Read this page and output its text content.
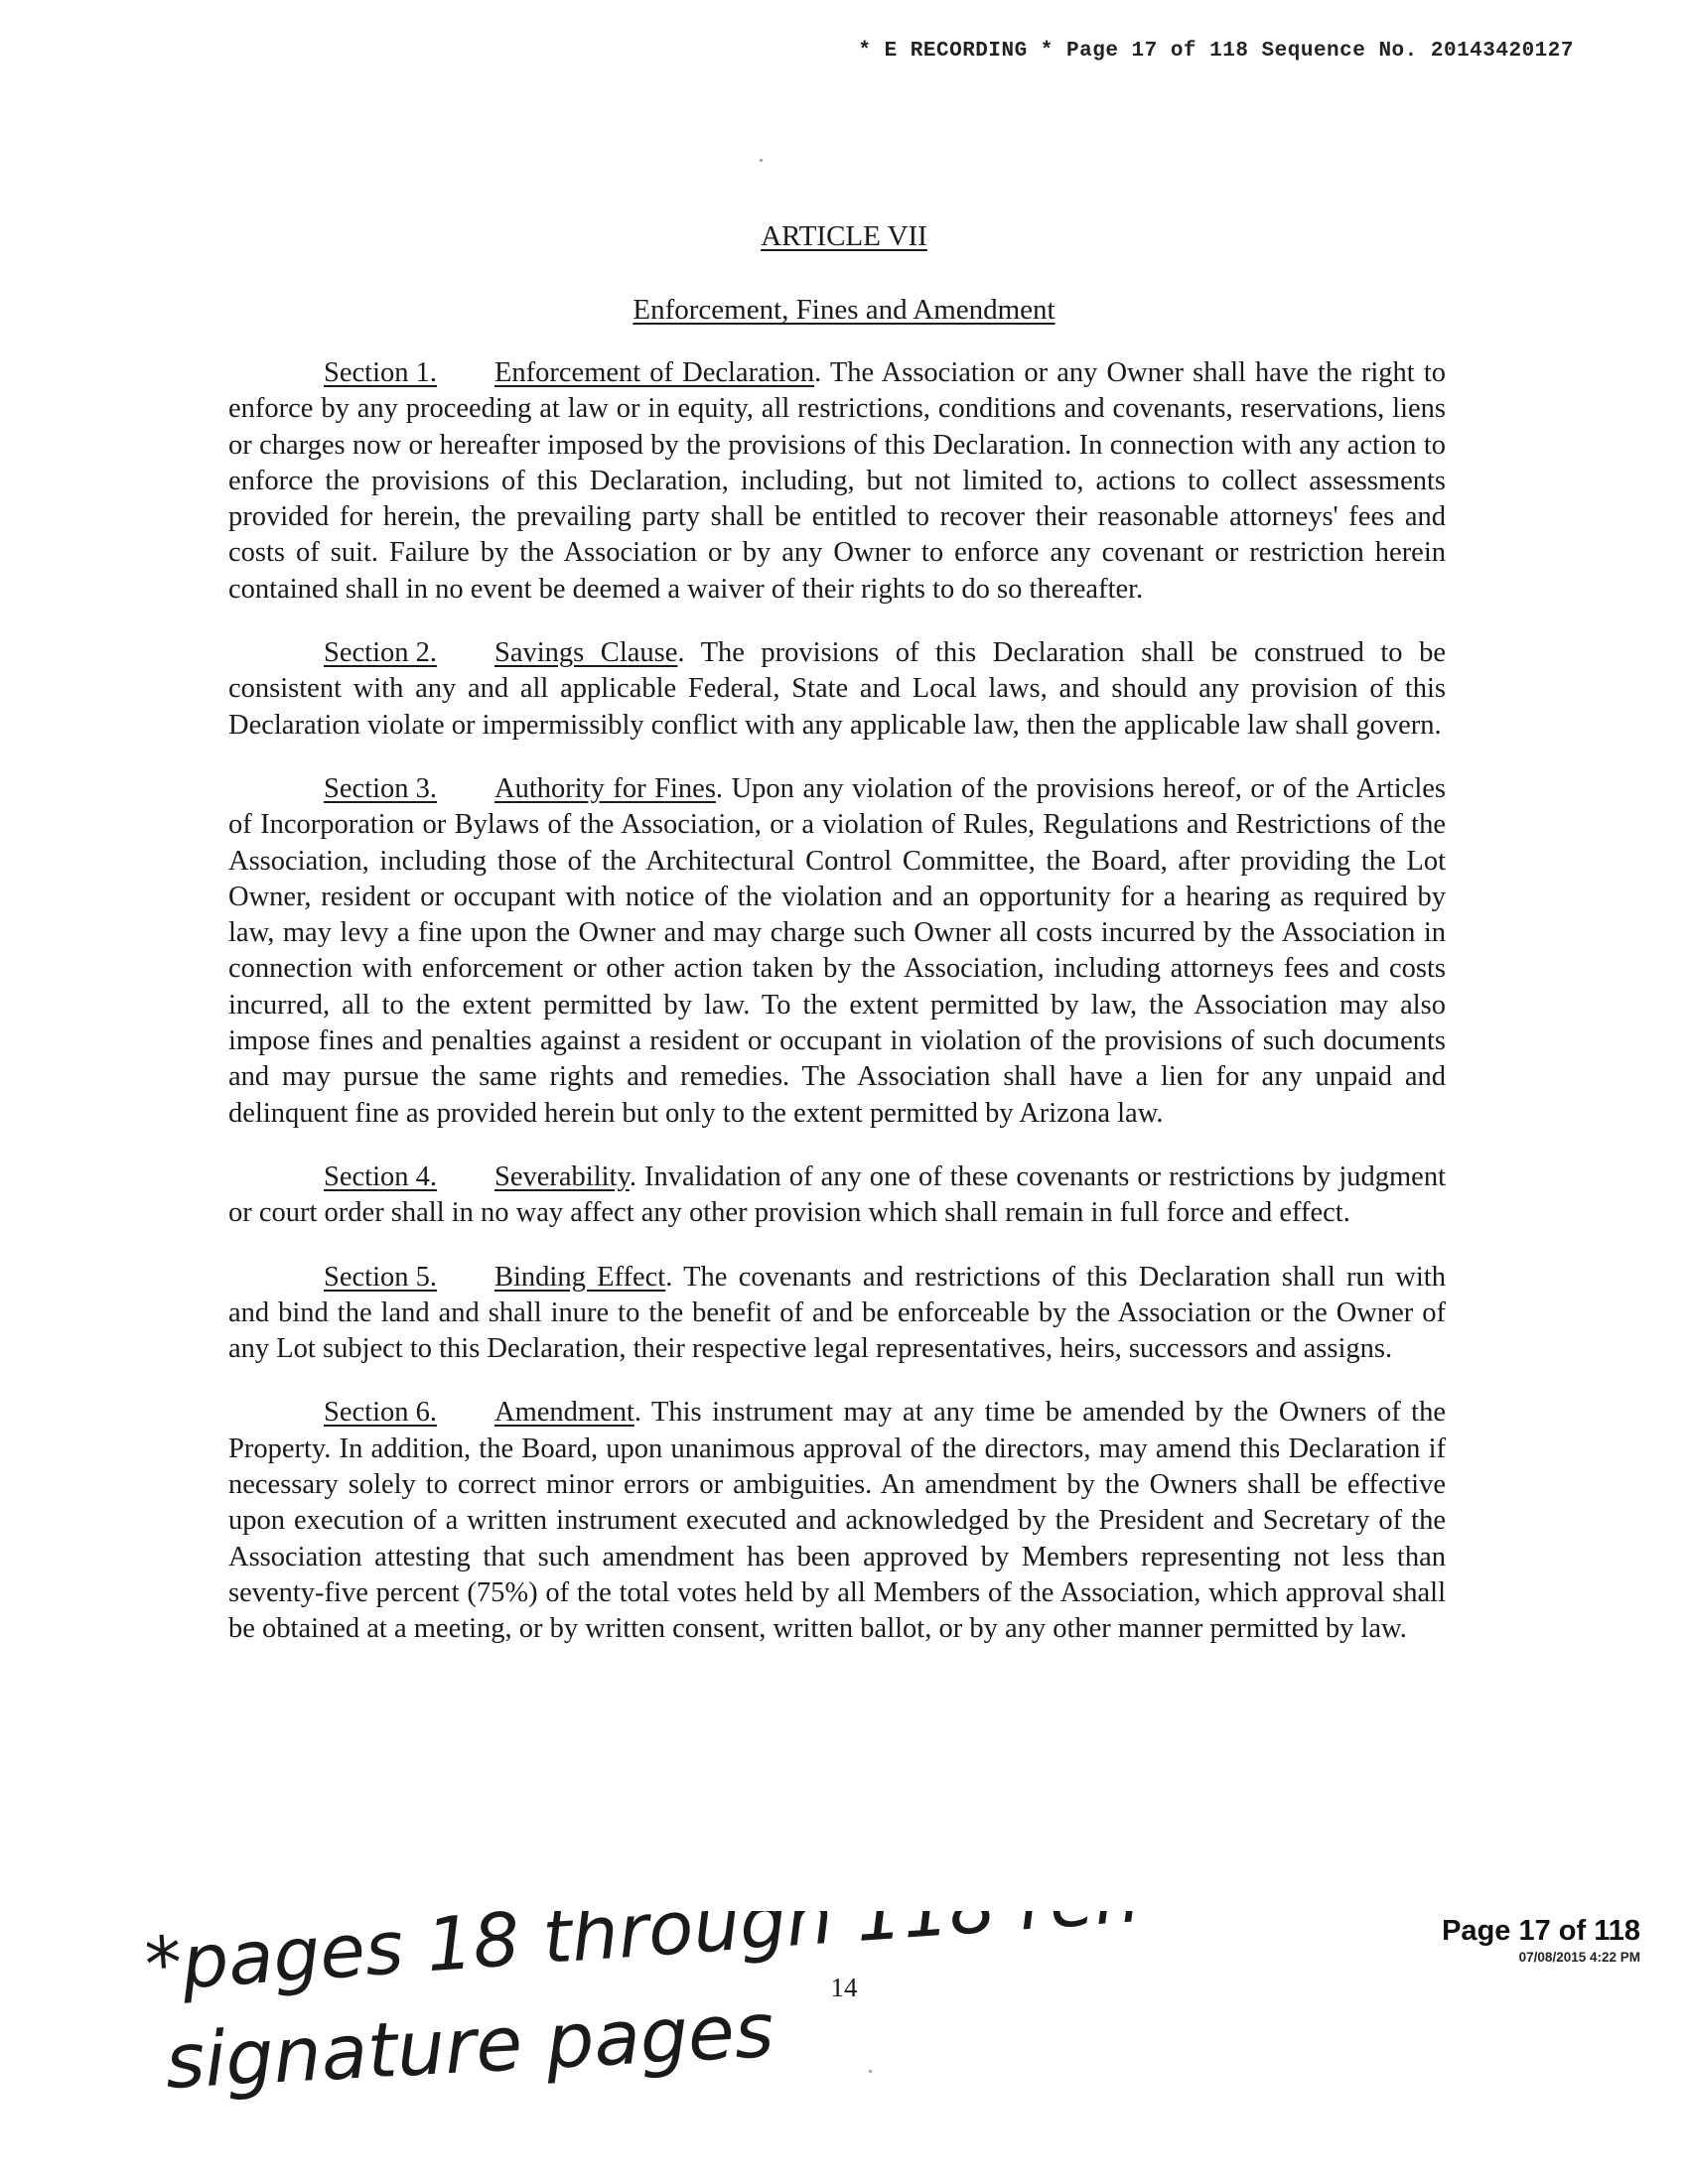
* E RECORDING * Page 17 of 118 Sequence No. 20143420127
ARTICLE VII
Enforcement, Fines and Amendment

Section 1. Enforcement of Declaration. The Association or any Owner shall have the right to enforce by any proceeding at law or in equity, all restrictions, conditions and covenants, reservations, liens or charges now or hereafter imposed by the provisions of this Declaration. In connection with any action to enforce the provisions of this Declaration, including, but not limited to, actions to collect assessments provided for herein, the prevailing party shall be entitled to recover their reasonable attorneys' fees and costs of suit. Failure by the Association or by any Owner to enforce any covenant or restriction herein contained shall in no event be deemed a waiver of their rights to do so thereafter.

Section 2. Savings Clause. The provisions of this Declaration shall be construed to be consistent with any and all applicable Federal, State and Local laws, and should any provision of this Declaration violate or impermissibly conflict with any applicable law, then the applicable law shall govern.

Section 3. Authority for Fines. Upon any violation of the provisions hereof, or of the Articles of Incorporation or Bylaws of the Association, or a violation of Rules, Regulations and Restrictions of the Association, including those of the Architectural Control Committee, the Board, after providing the Lot Owner, resident or occupant with notice of the violation and an opportunity for a hearing as required by law, may levy a fine upon the Owner and may charge such Owner all costs incurred by the Association in connection with enforcement or other action taken by the Association, including attorneys fees and costs incurred, all to the extent permitted by law. To the extent permitted by law, the Association may also impose fines and penalties against a resident or occupant in violation of the provisions of such documents and may pursue the same rights and remedies. The Association shall have a lien for any unpaid and delinquent fine as provided herein but only to the extent permitted by Arizona law.

Section 4. Severability. Invalidation of any one of these covenants or restrictions by judgment or court order shall in no way affect any other provision which shall remain in full force and effect.

Section 5. Binding Effect. The covenants and restrictions of this Declaration shall run with and bind the land and shall inure to the benefit of and be enforceable by the Association or the Owner of any Lot subject to this Declaration, their respective legal representatives, heirs, successors and assigns.

Section 6. Amendment. This instrument may at any time be amended by the Owners of the Property. In addition, the Board, upon unanimous approval of the directors, may amend this Declaration if necessary solely to correct minor errors or ambiguities. An amendment by the Owners shall be effective upon execution of a written instrument executed and acknowledged by the President and Secretary of the Association attesting that such amendment has been approved by Members representing not less than seventy-five percent (75%) of the total votes held by all Members of the Association, which approval shall be obtained at a meeting, or by written consent, written ballot, or by any other manner permitted by law.

*pages 18 through 118
signature pages	14
Page 17 of 118
07/08/2015 4:22 PM
